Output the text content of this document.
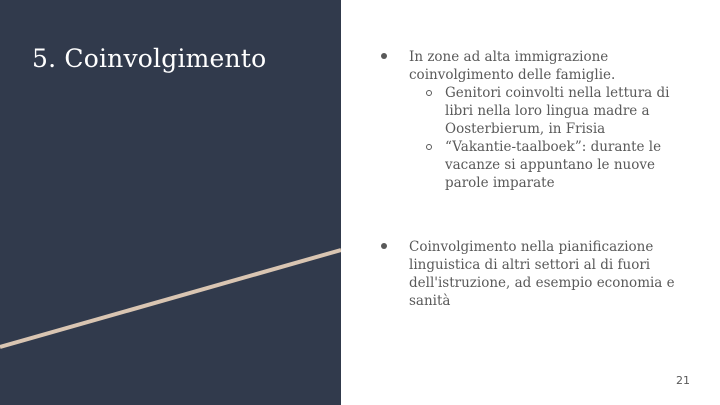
5. Coinvolgimento	In zone ad alta immigrazione coinvolgimento delle famiglie.
Genitori coinvolti nella lettura di libri nella loro lingua madre a Oosterbierum, in Frisia
“Vakantie-taalboek”: durante le vacanze si appuntano le nuove parole imparate
Coinvolgimento nella pianificazione linguistica di altri settori al di fuori dell'istruzione, ad esempio economia e sanità
21
